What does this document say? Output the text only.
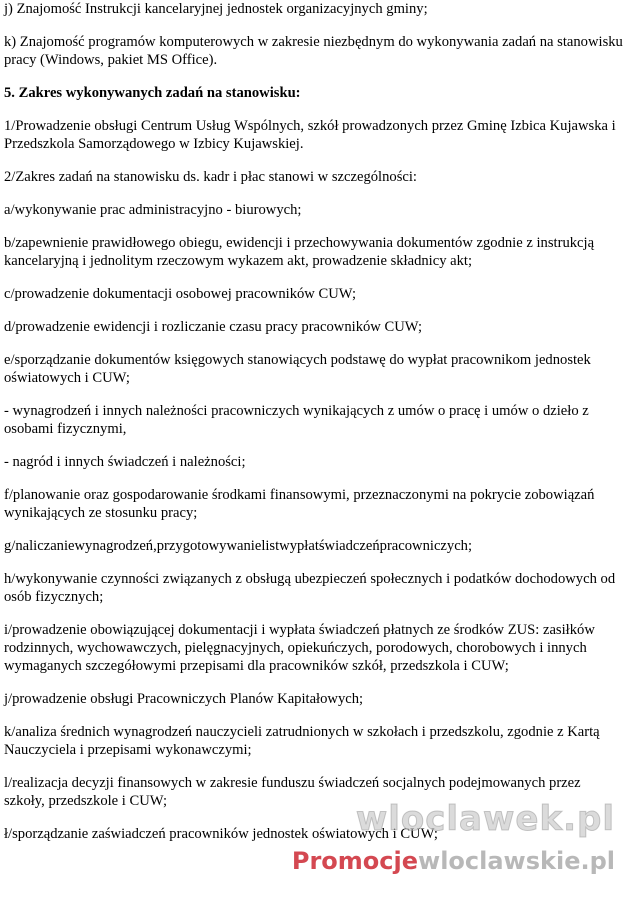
j) Znajomość Instrukcji kancelaryjnej jednostek organizacyjnych gminy;

k) Znajomość programów komputerowych w zakresie niezbędnym do wykonywania zadań na stanowisku pracy (Windows, pakiet MS Office).

5. Zakres wykonywanych zadań na stanowisku:

1/Prowadzenie obsługi Centrum Usług Wspólnych, szkół prowadzonych przez Gminę Izbica Kujawska i Przedszkola Samorządowego w Izbicy Kujawskiej.

2/Zakres zadań na stanowisku ds. kadr i płac stanowi w szczególności:

a/wykonywanie prac administracyjno - biurowych;

b/zapewnienie prawidłowego obiegu, ewidencji i przechowywania dokumentów zgodnie z instrukcją kancelaryjną i jednolitym rzeczowym wykazem akt, prowadzenie składnicy akt;

c/prowadzenie dokumentacji osobowej pracowników CUW;

d/prowadzenie ewidencji i rozliczanie czasu pracy pracowników CUW;

e/sporządzanie dokumentów księgowych stanowiących podstawę do wypłat pracownikom jednostek oświatowych i CUW;

- wynagrodzeń i innych należności pracowniczych wynikających z umów o pracę i umów o dzieło z osobami fizycznymi,

- nagród i innych świadczeń i należności;

f/planowanie oraz gospodarowanie środkami finansowymi, przeznaczonymi na pokrycie zobowiązań wynikających ze stosunku pracy;

g/naliczaniewynagrodzeń,przygotowywanielistwypłatświadczeńpracowniczych;

h/wykonywanie czynności związanych z obsługą ubezpieczeń społecznych i podatków dochodowych od osób fizycznych;

i/prowadzenie obowiązującej dokumentacji i wypłata świadczeń płatnych ze środków ZUS: zasiłków rodzinnych, wychowawczych, pielęgnacyjnych, opiekuńczych, porodowych, chorobowych i innych wymaganych szczegółowymi przepisami dla pracowników szkół, przedszkola i CUW;

j/prowadzenie obsługi Pracowniczych Planów Kapitałowych;

k/analiza średnich wynagrodzeń nauczycieli zatrudnionych w szkołach i przedszkolu, zgodnie z Kartą Nauczyciela i przepisami wykonawczymi;

l/realizacja decyzji finansowych w zakresie funduszu świadczeń socjalnych podejmowanych przez szkoły, przedszkole i CUW;

ł/sporządzanie zaświadczeń pracowników jednostek oświatowych i CUW;

wloclawek.pl
Promocjewloclawskie.pl
